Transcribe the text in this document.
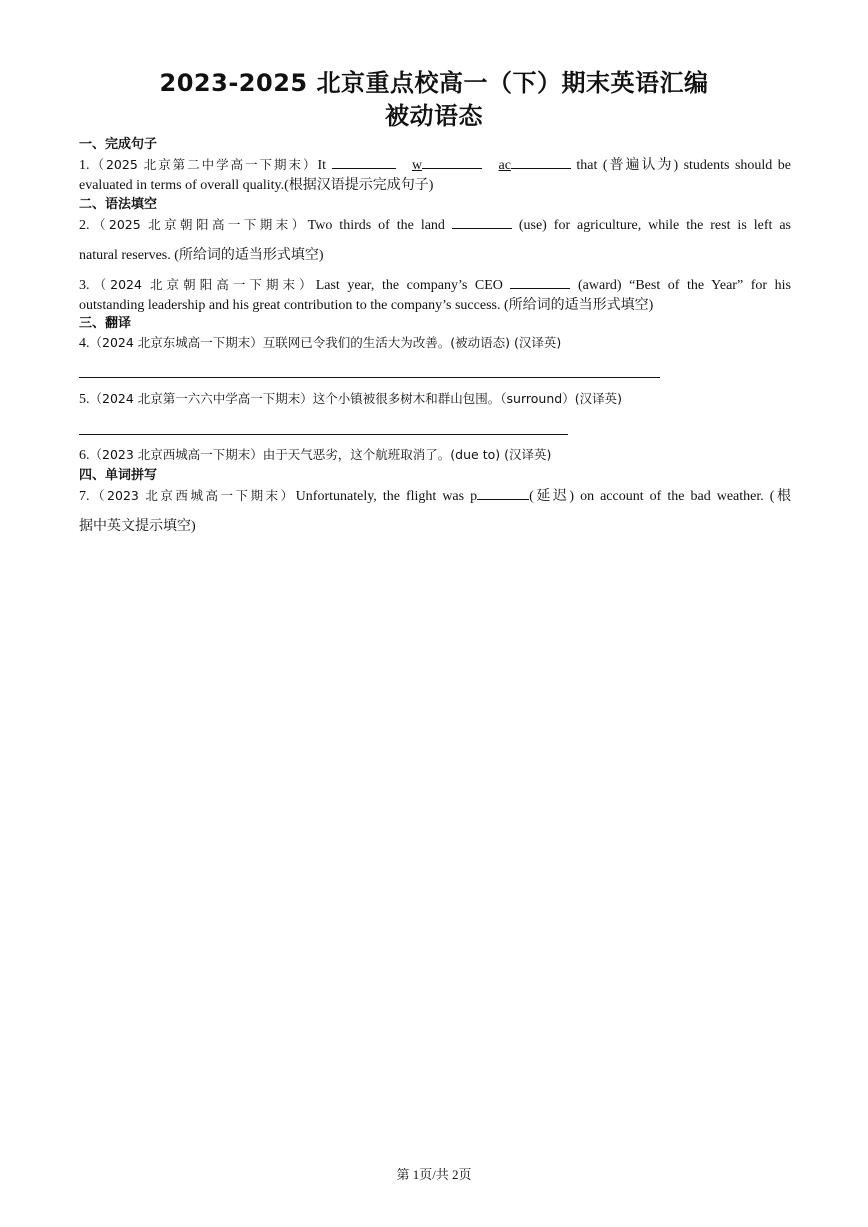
2023-2025 北京重点校高一（下）期末英语汇编
被动语态
一、完成句子
1.（2025 北京第二中学高一下期末）It	w	ac	that (普遍认为) students should be
evaluated in terms of overall quality.(根据汉语提示完成句子)
二、语法填空
2.（2025 北京朝阳高一下期末）Two thirds of the land	(use) for agriculture, while the rest is left as
natural reserves. (所给词的适当形式填空)
3.（2024 北京朝阳高一下期末）Last year, the company’s CEO	(award) “Best of the Year” for his
outstanding leadership and his great contribution to the company’s success. (所给词的适当形式填空)
三、翻译
4.（2024 北京东城高一下期末）互联网已令我们的生活大为改善。(被动语态) (汉译英)
5.（2024 北京第一六六中学高一下期末）这个小镇被很多树木和群山包围。（surround）(汉译英)
6.（2023 北京西城高一下期末）由于天气恶劣，这个航班取消了。(due to) (汉译英)
四、单词拼写
7.（2023 北京西城高一下期末）Unfortunately, the flight was p	(延迟) on account of the bad weather. (根
据中英文提示填空)
第 1页/共 2页
